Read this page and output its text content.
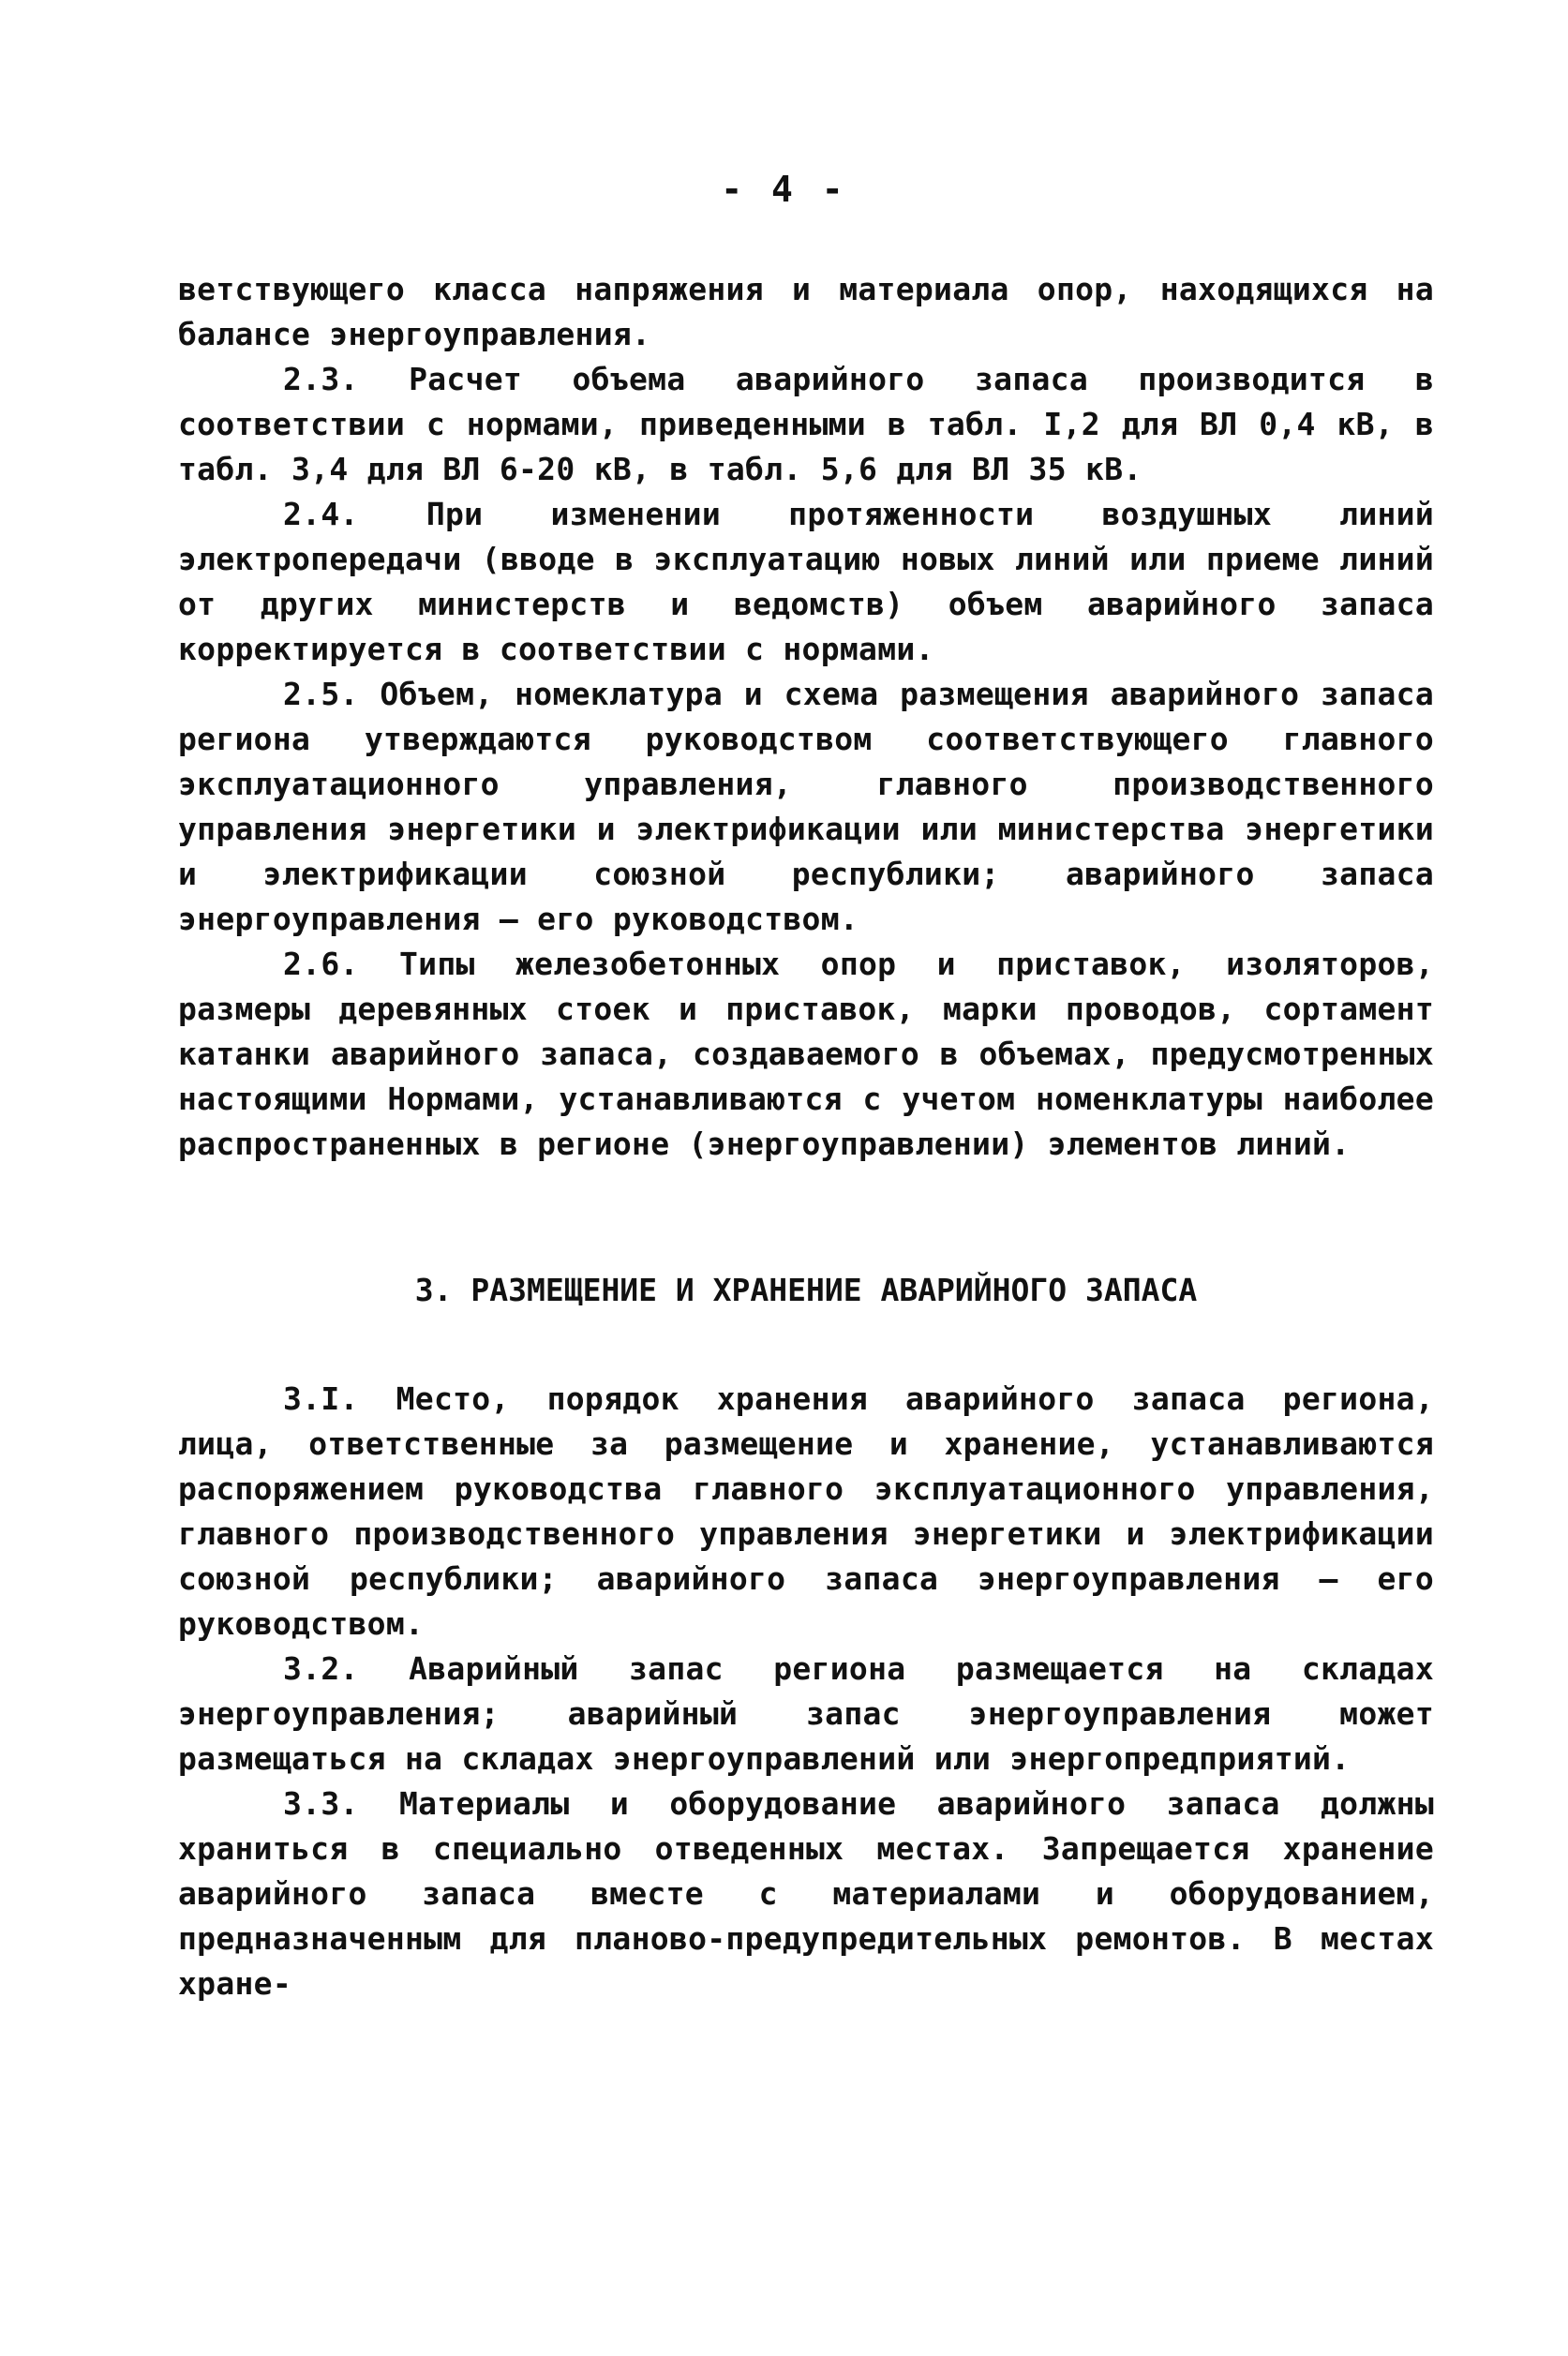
- 4 -

ветствующего класса напряжения и материала опор, находящихся на балансе энергоуправления.

2.3. Расчет объема аварийного запаса производится в соответствии с нормами, приведенными в табл. I,2 для ВЛ 0,4 кВ, в табл. 3,4 для ВЛ 6-20 кВ, в табл. 5,6 для ВЛ 35 кВ.

2.4. При изменении протяженности воздушных линий электропередачи (вводе в эксплуатацию новых линий или приеме линий от других министерств и ведомств) объем аварийного запаса корректируется в соответствии с нормами.

2.5. Объем, номеклатура и схема размещения аварийного запаса региона утверждаются руководством соответствующего главного эксплуатационного управления, главного производственного управления энергетики и электрификации или министерства энергетики и электрификации союзной республики; аварийного запаса энергоуправления – его руководством.

2.6. Типы железобетонных опор и приставок, изоляторов, размеры деревянных стоек и приставок, марки проводов, сортамент катанки аварийного запаса, создаваемого в объемах, предусмотренных настоящими Нормами, устанавливаются с учетом номенклатуры наиболее распространенных в регионе (энергоуправлении) элементов линий.

3. РАЗМЕЩЕНИЕ И ХРАНЕНИЕ АВАРИЙНОГО ЗАПАСА

3.I. Место, порядок хранения аварийного запаса региона, лица, ответственные за размещение и хранение, устанавливаются распоряжением руководства главного эксплуатационного управления, главного производственного управления энергетики и электрификации союзной республики; аварийного запаса энергоуправления – его руководством.

3.2. Аварийный запас региона размещается на складах энергоуправления; аварийный запас энергоуправления может размещаться на складах энергоуправлений или энергопредприятий.

3.3. Материалы и оборудование аварийного запаса должны храниться в специально отведенных местах. Запрещается хранение аварийного запаса вместе с материалами и оборудованием, предназначенным для планово-предупредительных ремонтов. В местах хране-
